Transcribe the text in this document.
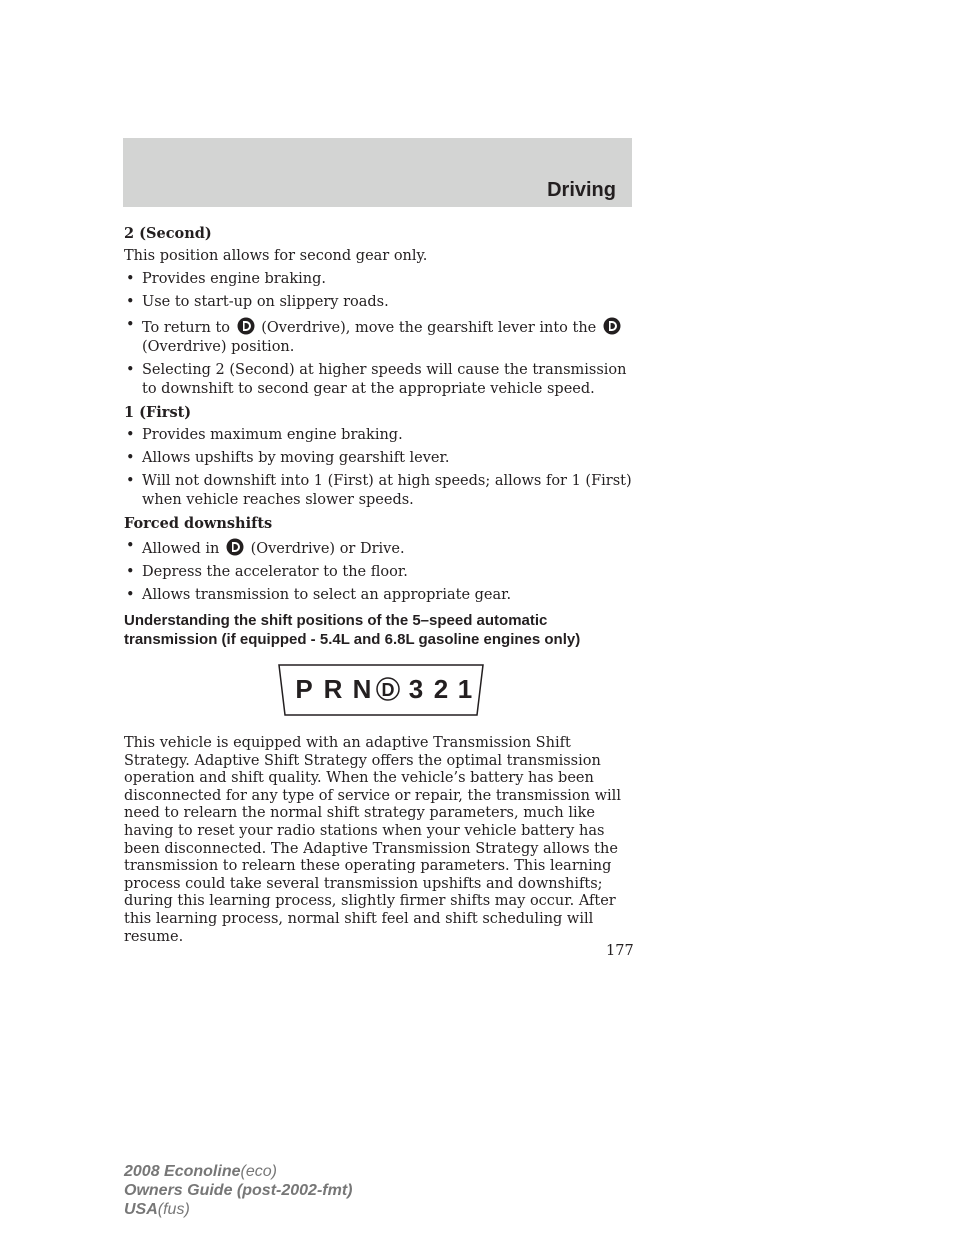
Driving
2 (Second)
This position allows for second gear only.
• Provides engine braking.
• Use to start-up on slippery roads.
• To return to (Overdrive), move the gearshift lever into the
(Overdrive) position.
• Selecting 2 (Second) at higher speeds will cause the transmission to downshift to second gear at the appropriate vehicle speed.
1 (First)
• Provides maximum engine braking.
• Allows upshifts by moving gearshift lever.
• Will not downshift into 1 (First) at high speeds; allows for 1 (First) when vehicle reaches slower speeds.
Forced downshifts
• Allowed in (Overdrive) or Drive.
• Depress the accelerator to the floor.
• Allows transmission to select an appropriate gear.
Understanding the shift positions of the 5–speed automatic transmission (if equipped - 5.4L and 6.8L gasoline engines only)
P R N D 3 2 1
This vehicle is equipped with an adaptive Transmission Shift Strategy. Adaptive Shift Strategy offers the optimal transmission operation and shift quality. When the vehicle’s battery has been disconnected for any type of service or repair, the transmission will need to relearn the normal shift strategy parameters, much like having to reset your radio stations when your vehicle battery has been disconnected. The Adaptive Transmission Strategy allows the transmission to relearn these operating parameters. This learning process could take several transmission upshifts and downshifts; during this learning process, slightly firmer shifts may occur. After this learning process, normal shift feel and shift scheduling will resume.
177
2008 Econoline(eco)
Owners Guide (post-2002-fmt)
USA(fus)
